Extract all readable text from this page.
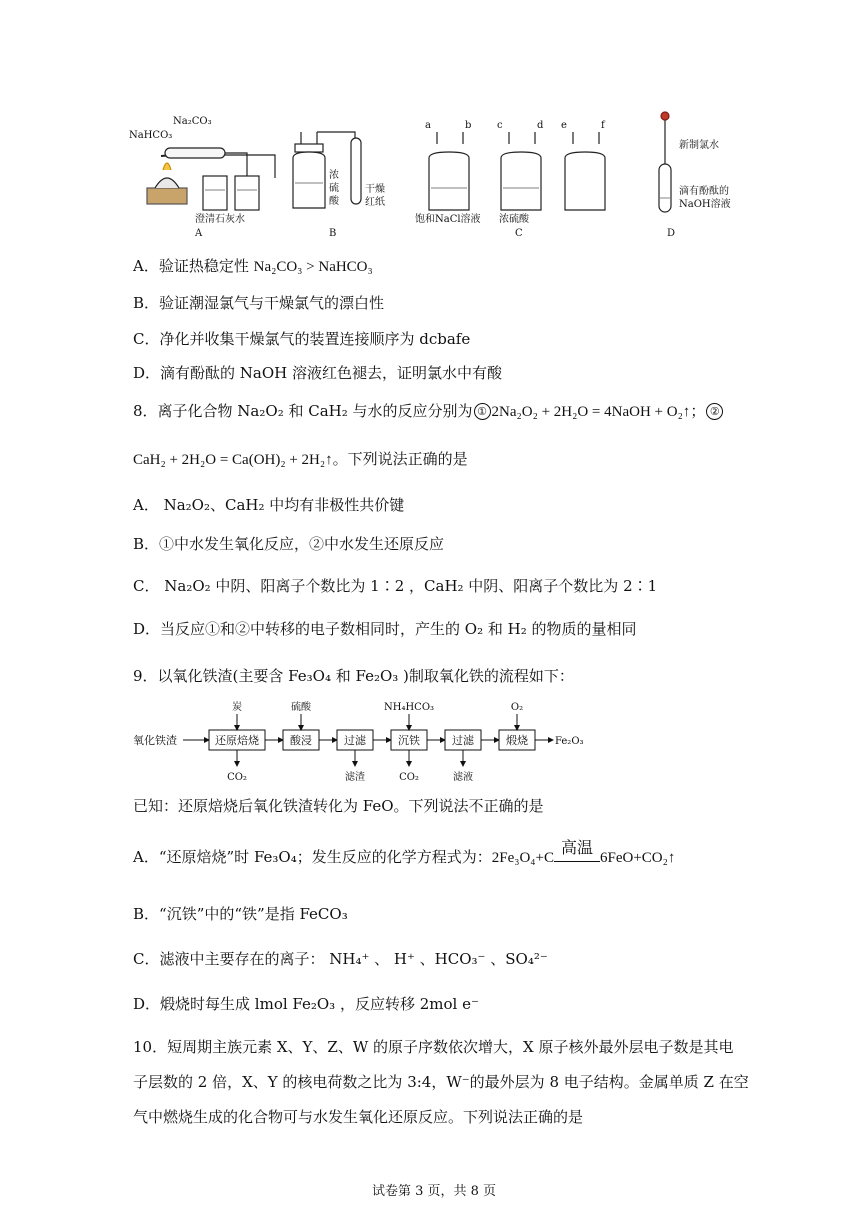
Na₂CO₃
NaHCO₃
澄清石灰水
A
浓
硫
酸
干燥
红纸
B
a	b	c	d e	f
饱和NaCl溶液 浓硫酸
C
新制氯水
滴有酚酞的
NaOH溶液
D
A．验证热稳定性 Na₂CO₃ > NaHCO₃
B．验证潮湿氯气与干燥氯气的漂白性
C．净化并收集干燥氯气的装置连接顺序为 dcbafe
D．滴有酚酞的 NaOH 溶液红色褪去，证明氯水中有酸
8．离子化合物 Na₂O₂ 和 CaH₂ 与水的反应分别为 ① 2Na₂O₂ + 2H₂O = 4NaOH + O₂↑； ②
CaH₂ + 2H₂O = Ca(OH)₂ + 2H₂↑。下列说法正确的是
A． Na₂O₂、CaH₂ 中均有非极性共价键
B．①中水发生氧化反应，②中水发生还原反应
C． Na₂O₂ 中阴、阳离子个数比为 1∶2 ，CaH₂ 中阴、阳离子个数比为 2∶1
D．当反应①和②中转移的电子数相同时，产生的 O₂ 和 H₂ 的物质的量相同
9．以氧化铁渣(主要含 Fe₃O₄ 和 Fe₂O₃ )制取氧化铁的流程如下：
氧化铁渣	还原焙烧	酸浸	过滤	沉铁	过滤	煅烧
炭	硫酸	NH₄HCO₃	O₂
CO₂	滤渣	CO₂	滤液
Fe₂O₃
已知：还原焙烧后氧化铁渣转化为 FeO。下列说法不正确的是
A．“还原焙烧”时 Fe₃O₄；发生反应的化学方程式为：2Fe₃O₄+C
高温
6FeO+CO₂↑
B．“沉铁”中的“铁”是指 FeCO₃
C．滤液中主要存在的离子： NH₄⁺ 、 H⁺ 、HCO₃⁻ 、SO₄²⁻
D．煅烧时每生成 lmol Fe₂O₃ ，反应转移 2mol e⁻
10．短周期主族元素 X、Y、Z、W 的原子序数依次增大，X 原子核外最外层电子数是其电
子层数的 2 倍，X、Y 的核电荷数之比为 3:4，W⁻的最外层为 8 电子结构。金属单质 Z 在空
气中燃烧生成的化合物可与水发生氧化还原反应。下列说法正确的是
试卷第 3 页，共 8 页
